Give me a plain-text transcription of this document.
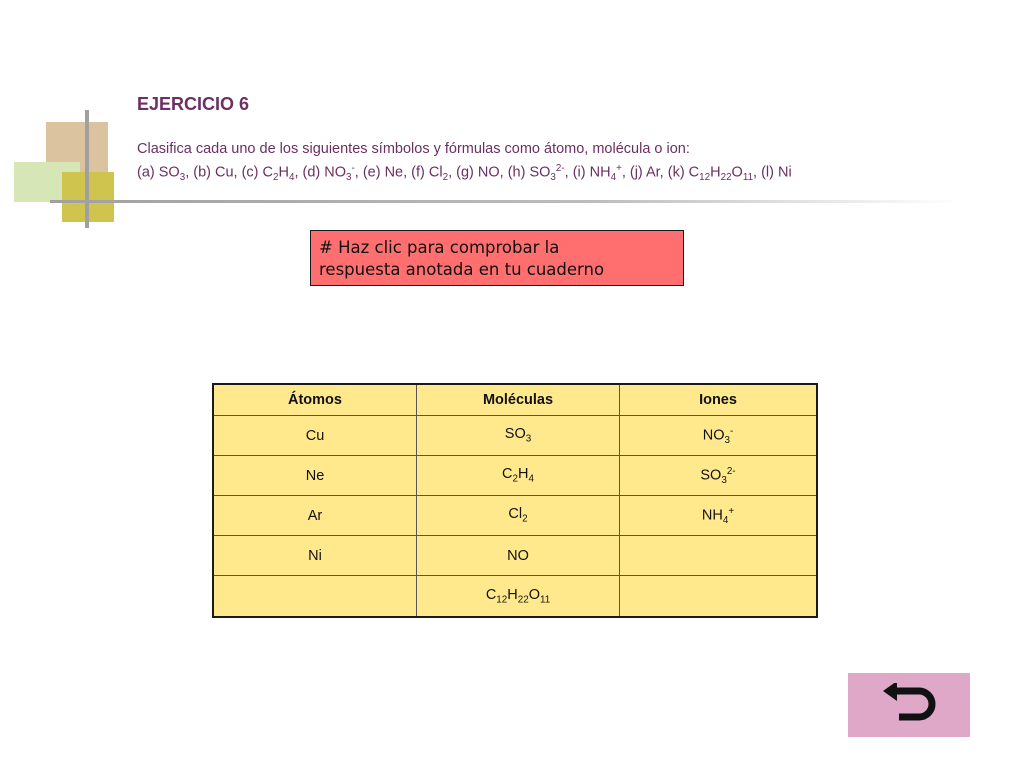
EJERCICIO 6
Clasifica cada uno de los siguientes símbolos y fórmulas como átomo, molécula o ion:
(a) $SO_3$, (b) Cu, (c) $C_2H_4$, (d) $NO_3^-$, (e) Ne, (f) $Cl_2$, (g) NO, (h) $SO_3^{2-}$, (i) $NH_4^+$, (j) Ar, (k) $C_{12}H_{22}O_{11}$, (l) Ni
# Haz clic para comprobar la
respuesta anotada en tu cuaderno
Átomos	Moléculas	Iones
Cu	$SO_3$	$NO_3^-$
Ne	$C_2H_4$	$SO_3^{2-}$
Ar	$Cl_2$	$NH_4^+$
Ni	NO	
	$C_{12}H_{22}O_{11}$	
